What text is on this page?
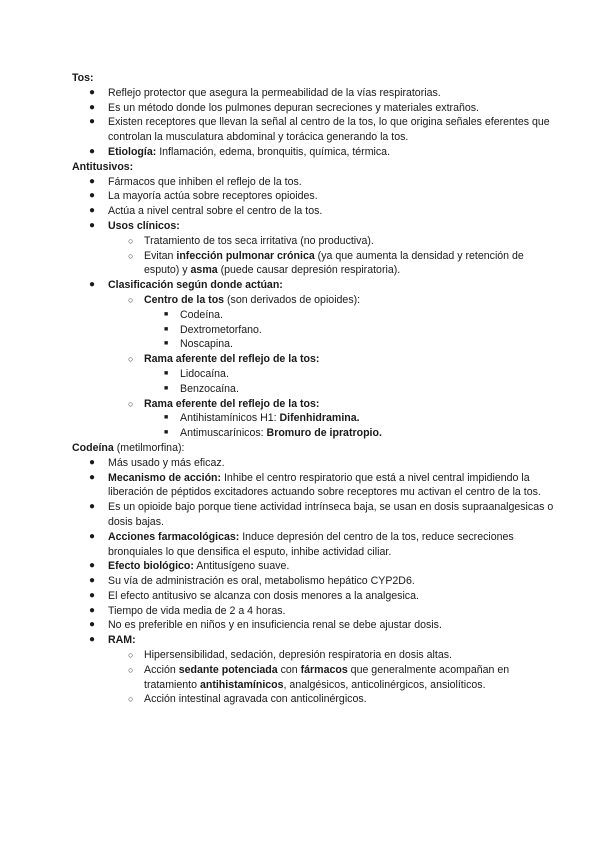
Tos:
● Reflejo protector que asegura la permeabilidad de la vías respiratorias.
● Es un método donde los pulmones depuran secreciones y materiales extraños.
● Existen receptores que llevan la señal al centro de la tos, lo que origina señales eferentes que controlan la musculatura abdominal y torácica generando la tos.
● Etiología: Inflamación, edema, bronquitis, química, térmica.
Antitusivos:
● Fármacos que inhiben el reflejo de la tos.
● La mayoría actúa sobre receptores opioides.
● Actúa a nivel central sobre el centro de la tos.
● Usos clínicos:
○ Tratamiento de tos seca irritativa (no productiva).
○ Evitan infección pulmonar crónica (ya que aumenta la densidad y retención de esputo) y asma (puede causar depresión respiratoria).
● Clasificación según donde actúan:
○ Centro de la tos (son derivados de opioides):
■ Codeína.
■ Dextrometorfano.
■ Noscapina.
○ Rama aferente del reflejo de la tos:
■ Lidocaína.
■ Benzocaína.
○ Rama eferente del reflejo de la tos:
■ Antihistamínicos H1: Difenhidramina.
■ Antimuscarínicos: Bromuro de ipratropio.
Codeína (metilmorfina):
● Más usado y más eficaz.
● Mecanismo de acción: Inhibe el centro respiratorio que está a nivel central impidiendo la liberación de péptidos excitadores actuando sobre receptores mu activan el centro de la tos.
● Es un opioide bajo porque tiene actividad intrínseca baja, se usan en dosis supraanalgesicas o dosis bajas.
● Acciones farmacológicas: Induce depresión del centro de la tos, reduce secreciones bronquiales lo que densifica el esputo, inhibe actividad ciliar.
● Efecto biológico: Antitusígeno suave.
● Su vía de administración es oral, metabolismo hepático CYP2D6.
● El efecto antitusivo se alcanza con dosis menores a la analgesica.
● Tiempo de vida media de 2 a 4 horas.
● No es preferible en niños y en insuficiencia renal se debe ajustar dosis.
● RAM:
○ Hipersensibilidad, sedación, depresión respiratoria en dosis altas.
○ Acción sedante potenciada con fármacos que generalmente acompañan en tratamiento antihistamínicos, analgésicos, anticolinérgicos, ansiolíticos.
○ Acción intestinal agravada con anticolinérgicos.
